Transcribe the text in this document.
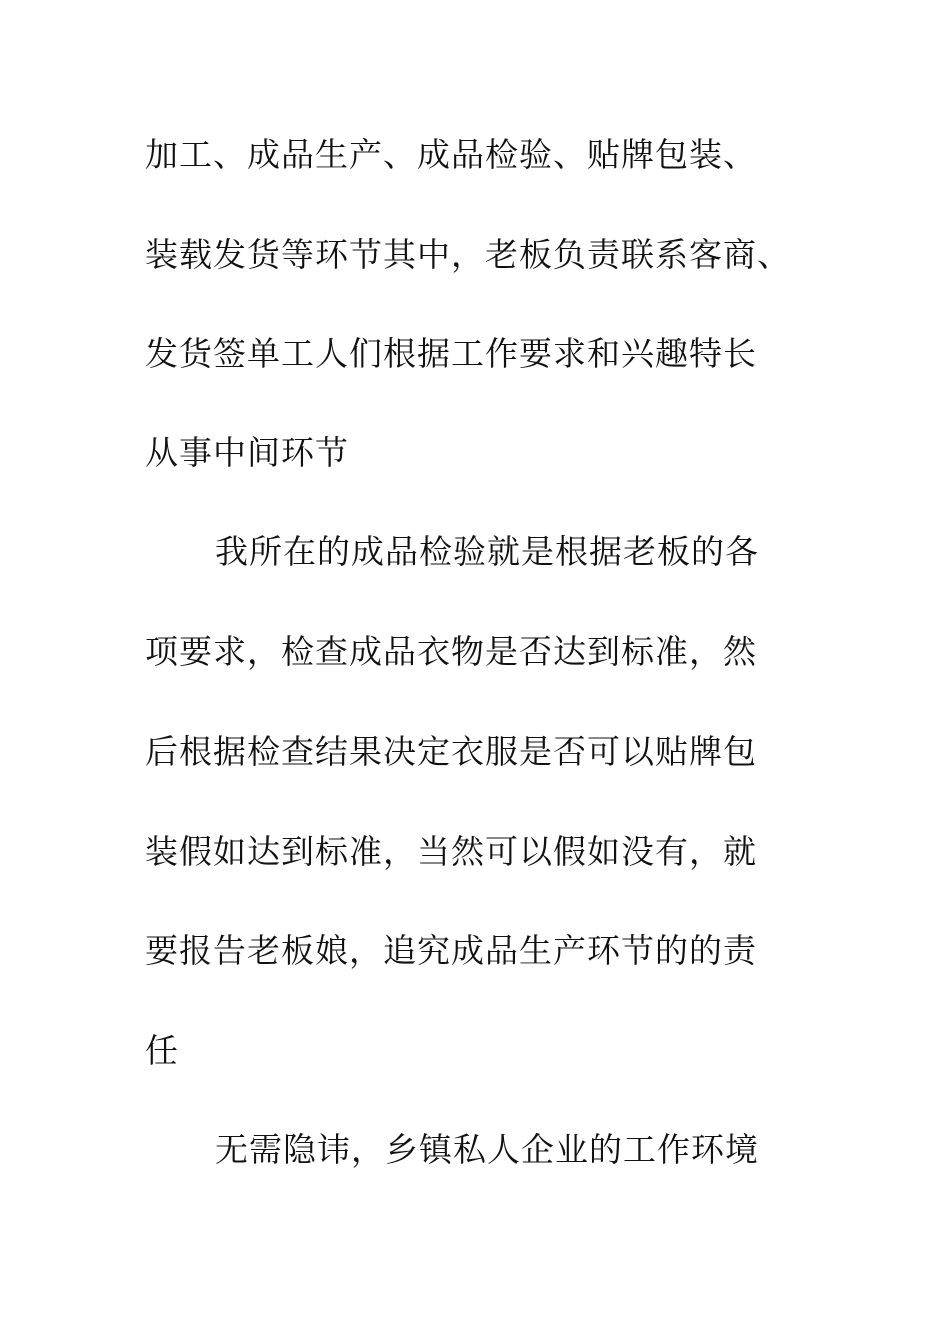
加工、成品生产、成品检验、贴牌包装、
装载发货等环节其中，老板负责联系客商、
发货签单工人们根据工作要求和兴趣特长
从事中间环节
我所在的成品检验就是根据老板的各
项要求，检查成品衣物是否达到标准，然
后根据检查结果决定衣服是否可以贴牌包
装假如达到标准，当然可以假如没有，就
要报告老板娘，追究成品生产环节的的责
任
无需隐讳，乡镇私人企业的工作环境
